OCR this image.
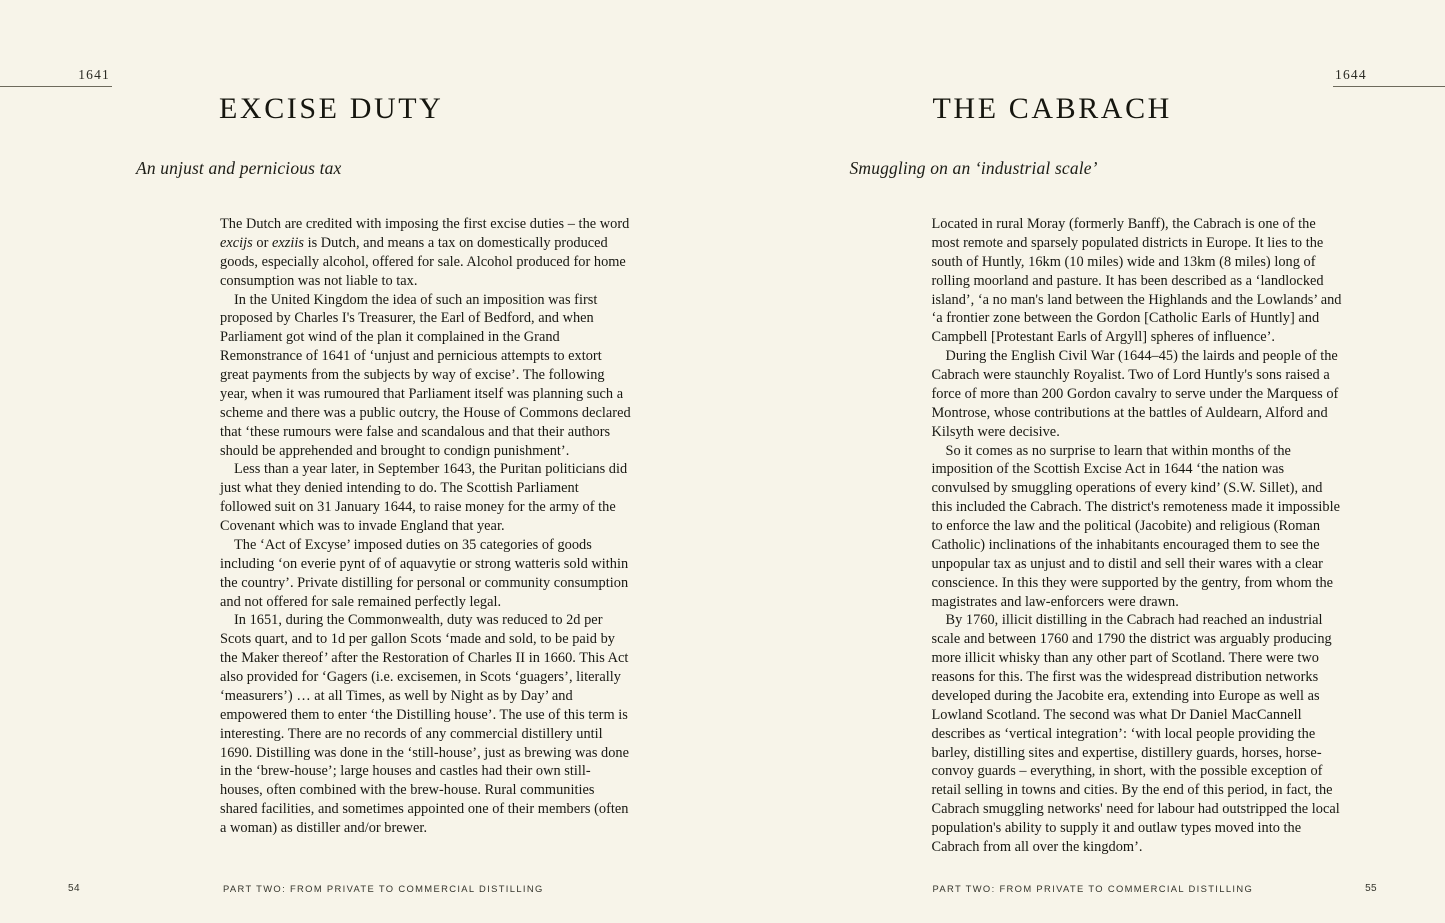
1641
EXCISE DUTY
An unjust and pernicious tax

The Dutch are credited with imposing the first excise duties – the word excijs or exziis is Dutch, and means a tax on domestically produced goods, especially alcohol, offered for sale. Alcohol produced for home consumption was not liable to tax.

In the United Kingdom the idea of such an imposition was first proposed by Charles I's Treasurer, the Earl of Bedford, and when Parliament got wind of the plan it complained in the Grand Remonstrance of 1641 of ‘unjust and pernicious attempts to extort great payments from the subjects by way of excise’. The following year, when it was rumoured that Parliament itself was planning such a scheme and there was a public outcry, the House of Commons declared that ‘these rumours were false and scandalous and that their authors should be apprehended and brought to condign punishment’.

Less than a year later, in September 1643, the Puritan politicians did just what they denied intending to do. The Scottish Parliament followed suit on 31 January 1644, to raise money for the army of the Covenant which was to invade England that year.

The ‘Act of Excyse’ imposed duties on 35 categories of goods including ‘on everie pynt of of aquavytie or strong watteris sold within the country’. Private distilling for personal or community consumption and not offered for sale remained perfectly legal.

In 1651, during the Commonwealth, duty was reduced to 2d per Scots quart, and to 1d per gallon Scots ‘made and sold, to be paid by the Maker thereof’ after the Restoration of Charles II in 1660. This Act also provided for ‘Gagers (i.e. excisemen, in Scots ‘guagers’, literally ‘measurers’) … at all Times, as well by Night as by Day’ and empowered them to enter ‘the Distilling house’. The use of this term is interesting. There are no records of any commercial distillery until 1690. Distilling was done in the ‘still-house’, just as brewing was done in the ‘brew-house’; large houses and castles had their own still-houses, often combined with the brew-house. Rural communities shared facilities, and sometimes appointed one of their members (often a woman) as distiller and/or brewer.

54	PART TWO: FROM PRIVATE TO COMMERCIAL DISTILLING
1644
THE CABRACH
Smuggling on an ‘industrial scale’

Located in rural Moray (formerly Banff), the Cabrach is one of the most remote and sparsely populated districts in Europe. It lies to the south of Huntly, 16km (10 miles) wide and 13km (8 miles) long of rolling moorland and pasture. It has been described as a ‘landlocked island’, ‘a no man's land between the Highlands and the Lowlands’ and ‘a frontier zone between the Gordon [Catholic Earls of Huntly] and Campbell [Protestant Earls of Argyll] spheres of influence’.

During the English Civil War (1644–45) the lairds and people of the Cabrach were staunchly Royalist. Two of Lord Huntly's sons raised a force of more than 200 Gordon cavalry to serve under the Marquess of Montrose, whose contributions at the battles of Auldearn, Alford and Kilsyth were decisive.

So it comes as no surprise to learn that within months of the imposition of the Scottish Excise Act in 1644 ‘the nation was convulsed by smuggling operations of every kind’ (S.W. Sillet), and this included the Cabrach. The district's remoteness made it impossible to enforce the law and the political (Jacobite) and religious (Roman Catholic) inclinations of the inhabitants encouraged them to see the unpopular tax as unjust and to distil and sell their wares with a clear conscience. In this they were supported by the gentry, from whom the magistrates and law-enforcers were drawn.

By 1760, illicit distilling in the Cabrach had reached an industrial scale and between 1760 and 1790 the district was arguably producing more illicit whisky than any other part of Scotland. There were two reasons for this. The first was the widespread distribution networks developed during the Jacobite era, extending into Europe as well as Lowland Scotland. The second was what Dr Daniel MacCannell describes as ‘vertical integration’: ‘with local people providing the barley, distilling sites and expertise, distillery guards, horses, horse-convoy guards – everything, in short, with the possible exception of retail selling in towns and cities. By the end of this period, in fact, the Cabrach smuggling networks' need for labour had outstripped the local population's ability to supply it and outlaw types moved into the Cabrach from all over the kingdom’.

PART TWO: FROM PRIVATE TO COMMERCIAL DISTILLING	55
